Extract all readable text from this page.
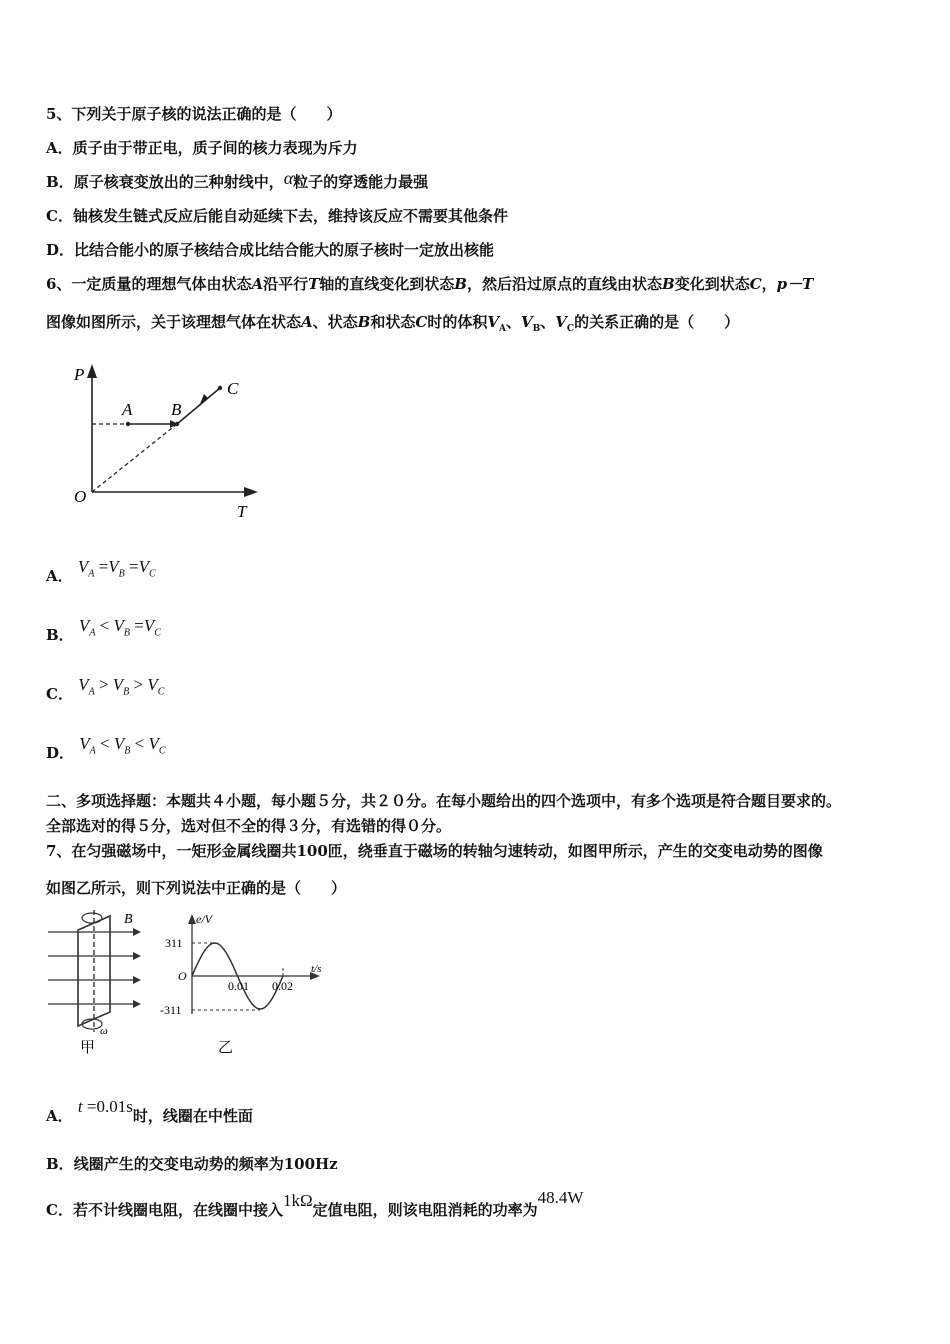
5、下列关于原子核的说法正确的是（　　）
A．质子由于带正电，质子间的核力表现为斥力
B．原子核衰变放出的三种射线中，α粒子的穿透能力最强
C．铀核发生链式反应后能自动延续下去，维持该反应不需要其他条件
D．比结合能小的原子核结合成比结合能大的原子核时一定放出核能
6、一定质量的理想气体由状态A沿平行T轴的直线变化到状态B，然后沿过原点的直线由状态B变化到状态C，p－T
图像如图所示，关于该理想气体在状态A、状态B和状态C时的体积$V_A$、$V_B$、$V_C$的关系正确的是（　　）
P
T
O
A B
C
A． $V_A =V_B =V_C$
B． $V_A < V_B =V_C$
C． $V_A > V_B > V_C$
D． $V_A < V_B < V_C$
二、多项选择题：本题共４小题，每小题５分，共２０分。在每小题给出的四个选项中，有多个选项是符合题目要求的。
全部选对的得５分，选对但不全的得３分，有选错的得０分。
7、在匀强磁场中，一矩形金属线圈共100匝，绕垂直于磁场的转轴匀速转动，如图甲所示，产生的交变电动势的图像
如图乙所示，则下列说法中正确的是（　　）
B
ω
甲
e/V
t/s
O
311
-311
0.01 0.02
乙
A． t =0.01s时，线圈在中性面
B．线圈产生的交变电动势的频率为100Hz
C．若不计线圈电阻，在线圈中接入1kΩ定值电阻，则该电阻消耗的功率为48.4W
